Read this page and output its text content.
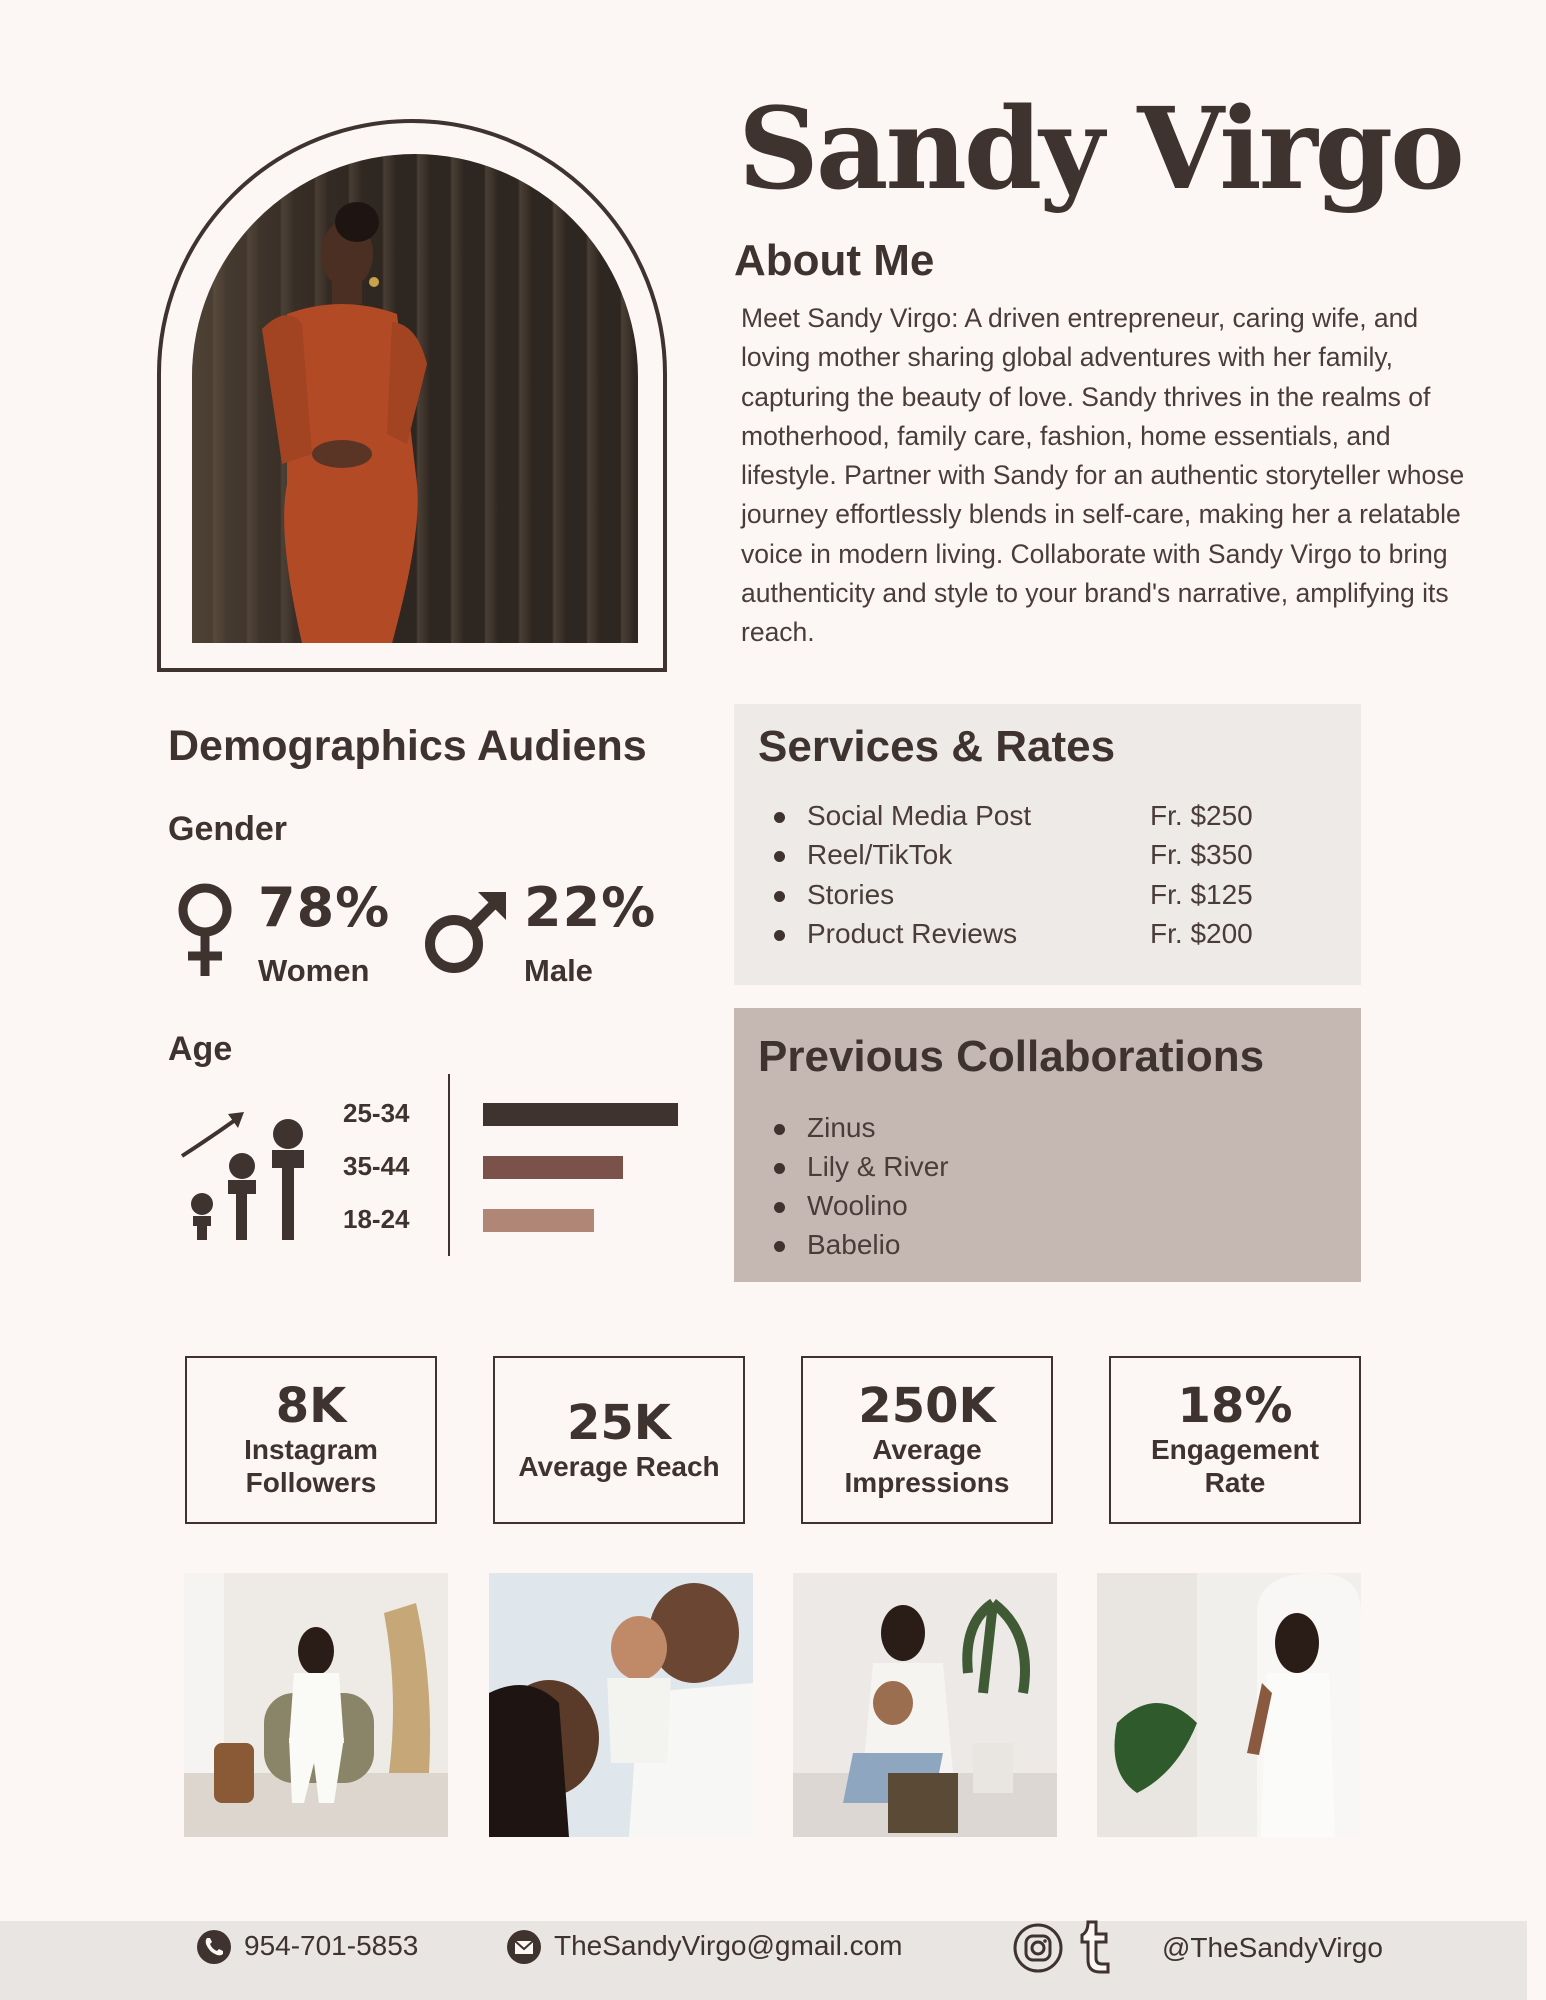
Sandy Virgo
About Me

Meet Sandy Virgo: A driven entrepreneur, caring wife, and loving mother sharing global adventures with her family, capturing the beauty of love. Sandy thrives in the realms of motherhood, family care, fashion, home essentials, and lifestyle. Partner with Sandy for an authentic storyteller whose journey effortlessly blends in self-care, making her a relatable voice in modern living. Collaborate with Sandy Virgo to bring authenticity and style to your brand's narrative, amplifying its reach.

Demographics Audiens
Gender
78%
Women
22%
Male
Age
25-34
35-44
18-24
Services & Rates
Social Media Post	Fr. $250
Reel/TikTok	Fr. $350
Stories	Fr. $125
Product Reviews	Fr. $200
Previous Collaborations
Zinus
Lily & River
Woolino
Babelio
8K
Instagram Followers
25K
Average Reach
250K
Average Impressions
18%
Engagement Rate
954-701-5853	TheSandyVirgo@gmail.com	@TheSandyVirgo
